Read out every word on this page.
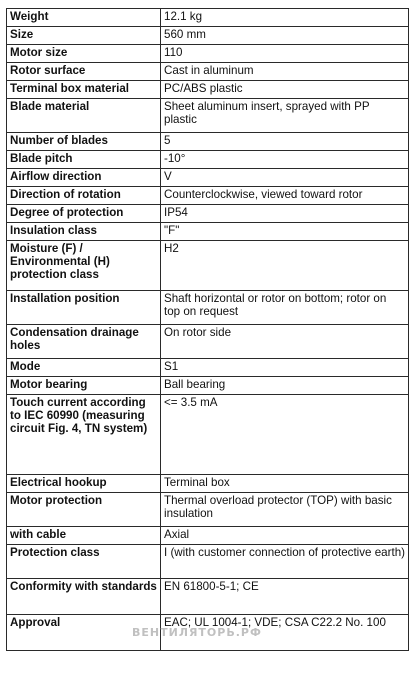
Weight	12.1 kg
Size	560 mm
Motor size	110
Rotor surface	Cast in aluminum
Terminal box material	PC/ABS plastic
Blade material	Sheet aluminum insert, sprayed with PP plastic
Number of blades	5
Blade pitch	-10°
Airflow direction	V
Direction of rotation	Counterclockwise, viewed toward rotor
Degree of protection	IP54
Insulation class	"F"
Moisture (F) / Environmental (H) protection class	H2
Installation position	Shaft horizontal or rotor on bottom; rotor on top on request
Condensation drainage holes	On rotor side
Mode	S1
Motor bearing	Ball bearing
Touch current according to IEC 60990 (measuring circuit Fig. 4, TN system)	<= 3.5 mA
Electrical hookup	Terminal box
Motor protection	Thermal overload protector (TOP) with basic insulation
with cable	Axial
Protection class	I (with customer connection of protective earth)
Conformity with standards	EN 61800-5-1; CE
Approval	EAC; UL 1004-1; VDE; CSA C22.2 No. 100
ВЕНТИЛЯТОРЬ.РФ
